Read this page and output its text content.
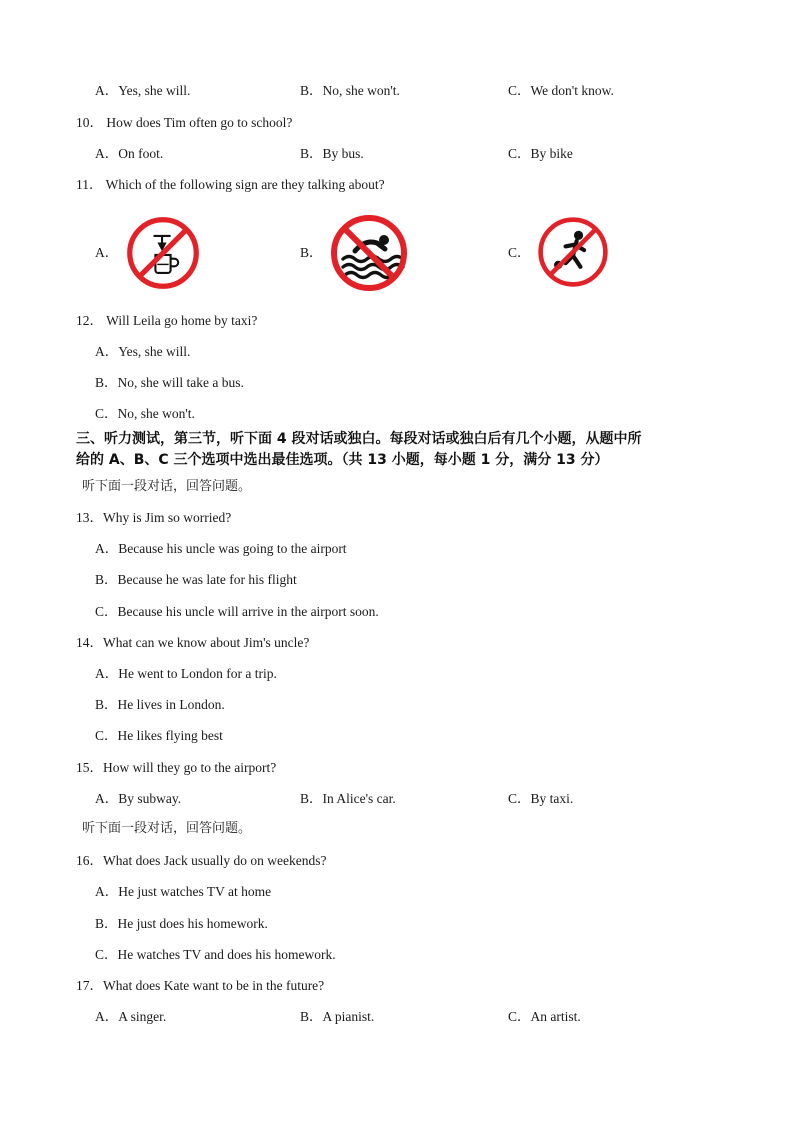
A．Yes, she will.	B．No, she won't.	C．We don't know.
10． How does Tim often go to school?
A．On foot.	B．By bus.	C．By bike
11． Which of the following sign are they talking about?
A．	B．	C．
12． Will Leila go home by taxi?
A．Yes, she will.
B．No, she will take a bus.
C．No, she won't.
三、听力测试，第三节，听下面 4 段对话或独白。每段对话或独白后有几个小题，从题中所
给的 A、B、C 三个选项中选出最佳选项。（共 13 小题，每小题 1 分，满分 13 分）
听下面一段对话，回答问题。
13．Why is Jim so worried?
A．Because his uncle was going to the airport
B．Because he was late for his flight
C．Because his uncle will arrive in the airport soon.
14．What can we know about Jim's uncle?
A．He went to London for a trip.
B．He lives in London.
C．He likes flying best
15．How will they go to the airport?
A．By subway.	B．In Alice's car.	C．By taxi.
听下面一段对话，回答问题。
16．What does Jack usually do on weekends?
A．He just watches TV at home
B．He just does his homework.
C．He watches TV and does his homework.
17．What does Kate want to be in the future?
A．A singer.	B．A pianist.	C．An artist.
